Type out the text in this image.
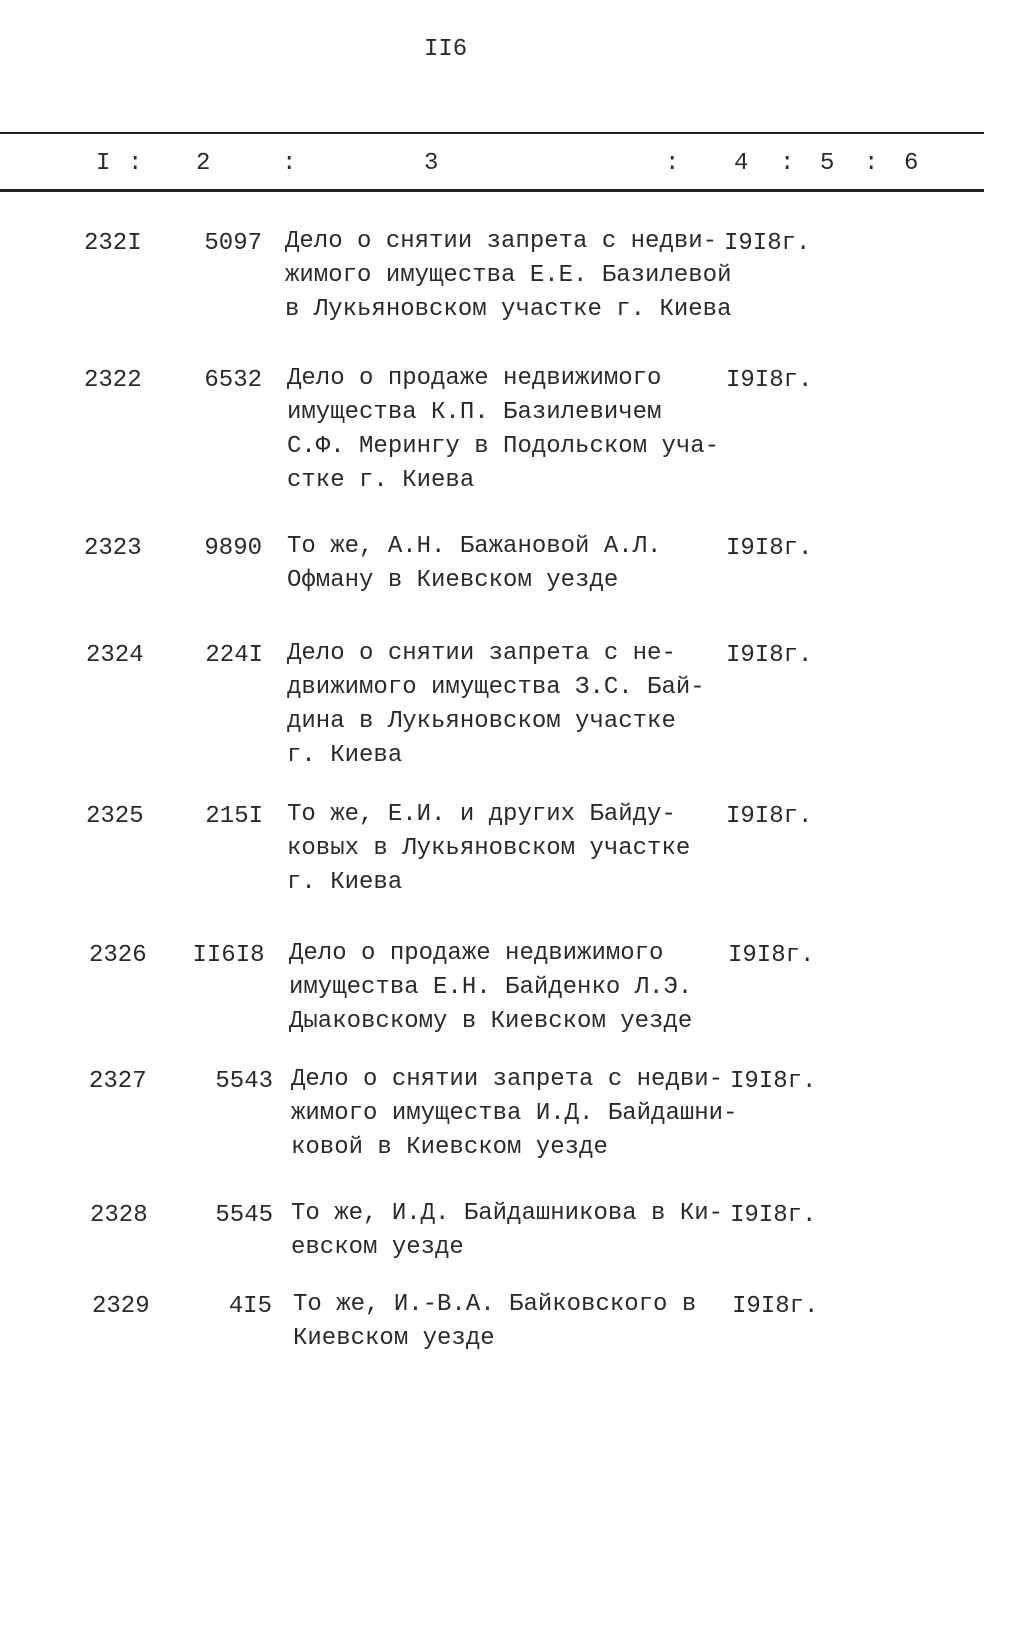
II6
I : 2	:	3	: 4 : 5 : 6
232I	5097 Дело о снятии запрета с недви-
жимого имущества Е.Е. Базилевой
в Лукьяновском участке г. Киева
I9I8г.
2322	6532 Дело о продаже недвижимого
имущества К.П. Базилевичем
С.Ф. Мерингу в Подольском уча-
стке г. Киева
I9I8г.
2323	9890 То же, А.Н. Бажановой А.Л.
Офману в Киевском уезде
I9I8г.
2324	224I Дело о снятии запрета с не-
движимого имущества З.С. Бай-
дина в Лукьяновском участке
г. Киева
I9I8г.
2325	215I То же, Е.И. и других Байду-
ковых в Лукьяновском участке
г. Киева
I9I8г.
2326 II6I8 Дело о продаже недвижимого
имущества Е.Н. Байденко Л.Э.
Дыаковскому в Киевском уезде
I9I8г.
2327	5543 Дело о снятии запрета с недви-
жимого имущества И.Д. Байдашни-
ковой в Киевском уезде
I9I8г.
2328	5545 То же, И.Д. Байдашникова в Ки-
евском уезде
I9I8г.
2329	4I5 То же, И.-В.А. Байковского в
Киевском уезде
I9I8г.
